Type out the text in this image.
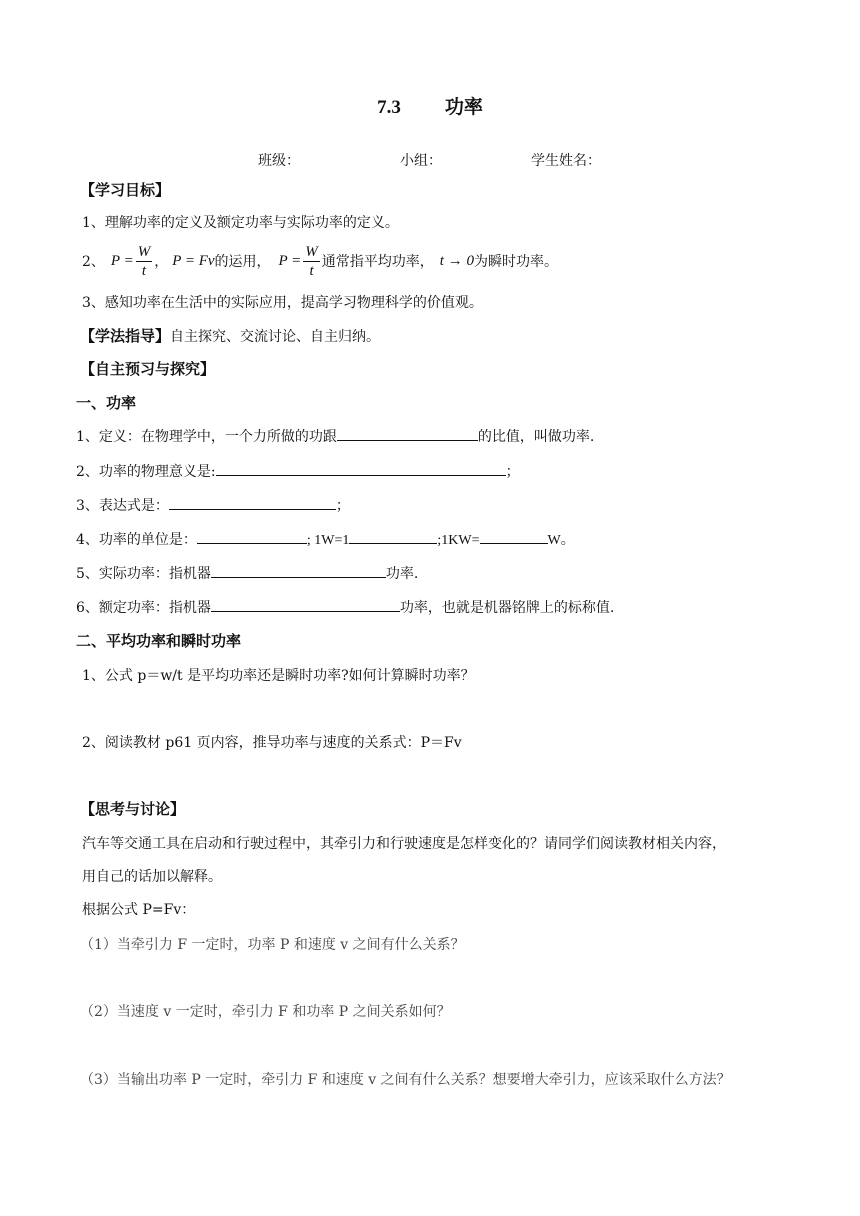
7.3 功率
班级：	小组：	学生姓名：
【学习目标】
1、理解功率的定义及额定功率与实际功率的定义。
2、 $P = \frac{W}{t}$ ， P = Fv 的运用， $P = \frac{W}{t}$ 通常指平均功率， t → 0 为瞬时功率。
3、感知功率在生活中的实际应用，提高学习物理科学的价值观。
【学法指导】自主探究、交流讨论、自主归纳。
【自主预习与探究】
一、功率
1、定义：在物理学中，一个力所做的功跟	的比值，叫做功率.
2、功率的物理意义是:	；
3、表达式是：	；
4、功率的单位是：	; 1W=1	;1KW=	W。
5、实际功率：指机器	功率.
6、额定功率：指机器	功率，也就是机器铭牌上的标称值.
二、平均功率和瞬时功率
1、公式 p＝w/t 是平均功率还是瞬时功率?如何计算瞬时功率？
2、阅读教材 p61 页内容，推导功率与速度的关系式：P＝Fv
【思考与讨论】
汽车等交通工具在启动和行驶过程中，其牵引力和行驶速度是怎样变化的？请同学们阅读教材相关内容，
用自己的话加以解释。
根据公式 P=Fv：
（1）当牵引力 F 一定时，功率 P 和速度 v 之间有什么关系？
（2）当速度 v 一定时，牵引力 F 和功率 P 之间关系如何？
（3）当输出功率 P 一定时，牵引力 F 和速度 v 之间有什么关系？想要增大牵引力，应该采取什么方法？
